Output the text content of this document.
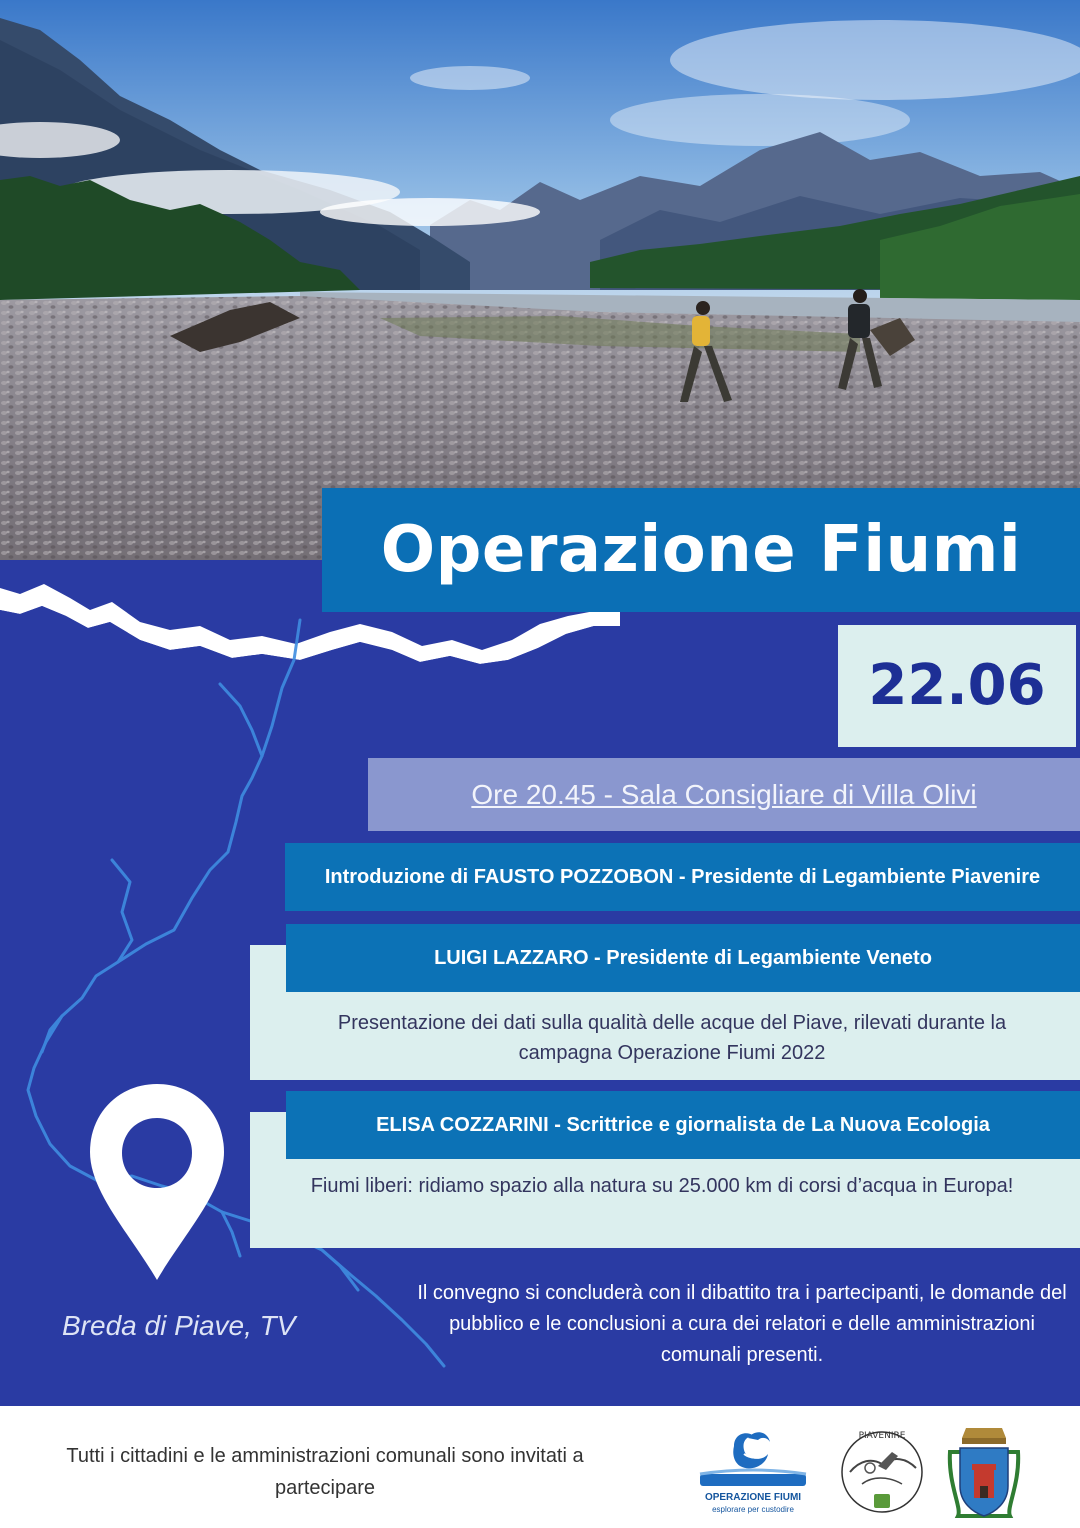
Operazione Fiumi
22.06
Ore 20.45 - Sala Consigliare di Villa Olivi
Introduzione di FAUSTO POZZOBON - Presidente di Legambiente Piavenire
Presentazione dei dati sulla qualità delle acque del Piave, rilevati durante la campagna Operazione Fiumi 2022
LUIGI LAZZARO - Presidente di Legambiente Veneto
Fiumi liberi: ridiamo spazio alla natura su 25.000 km di corsi d’acqua in Europa!
ELISA COZZARINI - Scrittrice e giornalista de La Nuova Ecologia
Breda di Piave, TV
Il convegno si concluderà con il dibattito tra i partecipanti, le domande del pubblico e le conclusioni a cura dei relatori e delle amministrazioni comunali presenti.
Tutti i cittadini e le amministrazioni comunali sono invitati a partecipare	OPERAZIONE FIUMI
esplorare per custodire
PIAVENIRE
